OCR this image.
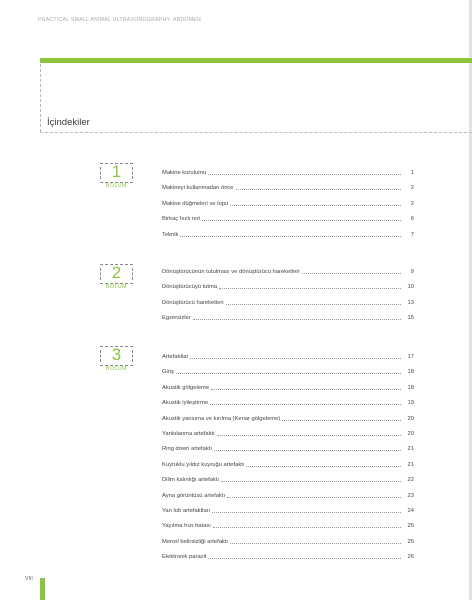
PRACTICAL SMALL ANIMAL ULTRASONOGRAPHY: ABDOMEN
İçindekiler
1
BÖLÜM
Makine kurulumu	1
Makineyi kullanmadan önce	2
Makine düğmeleri ve topu	2
Birkaç hızlı not	6
Teknik	7
2
BÖLÜM
Dönüştürücünün tutulması ve dönüştürücü hareketleri	9
Dönüştürücüyü tutma	10
Dönüştürücü hareketleri	13
Egzersizler	15
3
BÖLÜM
Artefaktlar	17
Giriş	18
Akustik gölgeleme	18
Akustik iyileştirme	19
Akustik yansıma ve kırılma (Kenar gölgeleme)	20
Yankılanma artefaktı	20
Ring down artefaktı	21
Kuyruklu yıldız kuyruğu artefaktı	21
Dilim kalınlığı artefaktı	22
Ayna görüntüsü artefaktı	23
Yan lob artefaktları	24
Yayılma hızı hatası	25
Menzil belirsizliği artefaktı	25
Elektronik parazit	26
VIII
